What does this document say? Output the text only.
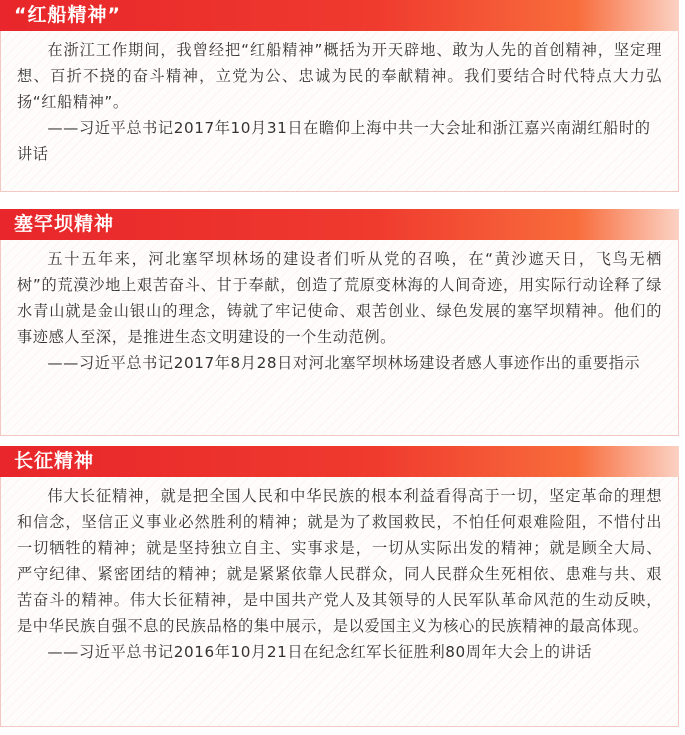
“红船精神”

在浙江工作期间，我曾经把“红船精神”概括为开天辟地、敢为人先的首创精神，坚定理想、百折不挠的奋斗精神，立党为公、忠诚为民的奉献精神。我们要结合时代特点大力弘扬“红船精神”。

——习近平总书记2017年10月31日在瞻仰上海中共一大会址和浙江嘉兴南湖红船时的讲话

塞罕坝精神

五十五年来，河北塞罕坝林场的建设者们听从党的召唤，在“黄沙遮天日，飞鸟无栖树”的荒漠沙地上艰苦奋斗、甘于奉献，创造了荒原变林海的人间奇迹，用实际行动诠释了绿水青山就是金山银山的理念，铸就了牢记使命、艰苦创业、绿色发展的塞罕坝精神。他们的事迹感人至深，是推进生态文明建设的一个生动范例。

——习近平总书记2017年8月28日对河北塞罕坝林场建设者感人事迹作出的重要指示

长征精神

伟大长征精神，就是把全国人民和中华民族的根本利益看得高于一切，坚定革命的理想和信念，坚信正义事业必然胜利的精神；就是为了救国救民，不怕任何艰难险阻，不惜付出一切牺牲的精神；就是坚持独立自主、实事求是，一切从实际出发的精神；就是顾全大局、严守纪律、紧密团结的精神；就是紧紧依靠人民群众，同人民群众生死相依、患难与共、艰苦奋斗的精神。伟大长征精神，是中国共产党人及其领导的人民军队革命风范的生动反映，是中华民族自强不息的民族品格的集中展示，是以爱国主义为核心的民族精神的最高体现。

——习近平总书记2016年10月21日在纪念红军长征胜利80周年大会上的讲话
